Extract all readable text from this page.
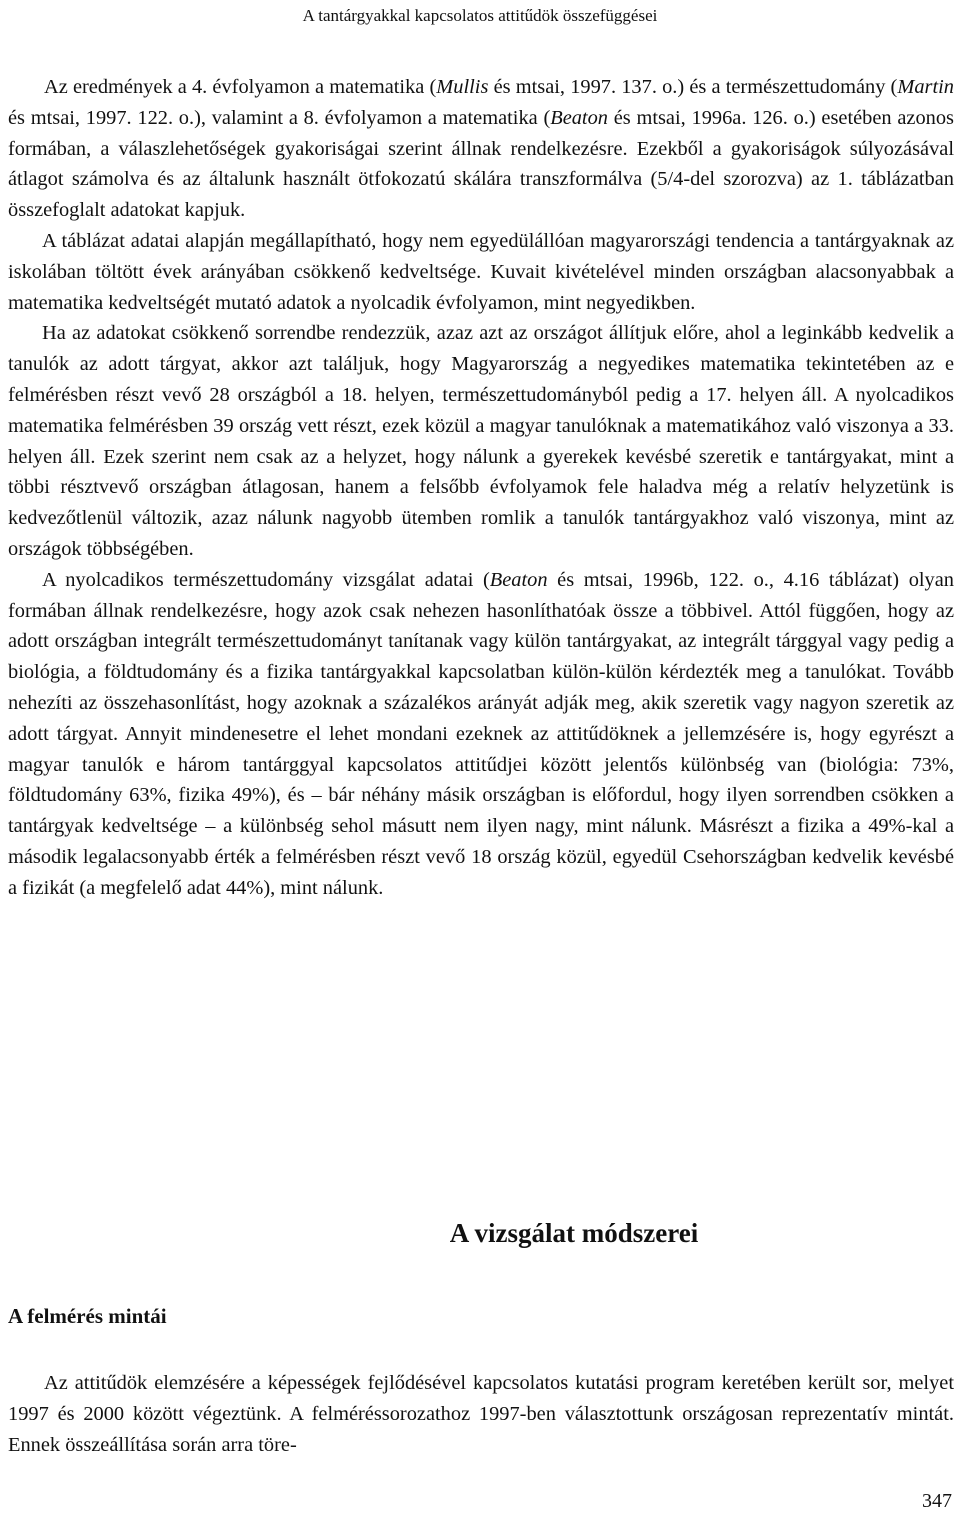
A tantárgyakkal kapcsolatos attitűdök összefüggései

Az eredmények a 4. évfolyamon a matematika (Mullis és mtsai, 1997. 137. o.) és a természettudomány (Martin és mtsai, 1997. 122. o.), valamint a 8. évfolyamon a matematika (Beaton és mtsai, 1996a. 126. o.) esetében azonos formában, a válaszlehetőségek gyakoriságai szerint állnak rendelkezésre. Ezekből a gyakoriságok súlyozásával átlagot számolva és az általunk használt ötfokozatú skálára transzformálva (5/4-del szorozva) az 1. táblázatban összefoglalt adatokat kapjuk.

A táblázat adatai alapján megállapítható, hogy nem egyedülállóan magyarországi tendencia a tantárgyaknak az iskolában töltött évek arányában csökkenő kedveltsége. Kuvait kivételével minden országban alacsonyabbak a matematika kedveltségét mutató adatok a nyolcadik évfolyamon, mint negyedikben.

Ha az adatokat csökkenő sorrendbe rendezzük, azaz azt az országot állítjuk előre, ahol a leginkább kedvelik a tanulók az adott tárgyat, akkor azt találjuk, hogy Magyarország a negyedikes matematika tekintetében az e felmérésben részt vevő 28 országból a 18. helyen, természettudományból pedig a 17. helyen áll. A nyolcadikos matematika felmérésben 39 ország vett részt, ezek közül a magyar tanulóknak a matematikához való viszonya a 33. helyen áll. Ezek szerint nem csak az a helyzet, hogy nálunk a gyerekek kevésbé szeretik e tantárgyakat, mint a többi résztvevő országban átlagosan, hanem a felsőbb évfolyamok fele haladva még a relatív helyzetünk is kedvezőtlenül változik, azaz nálunk nagyobb ütemben romlik a tanulók tantárgyakhoz való viszonya, mint az országok többségében.

A nyolcadikos természettudomány vizsgálat adatai (Beaton és mtsai, 1996b, 122. o., 4.16 táblázat) olyan formában állnak rendelkezésre, hogy azok csak nehezen hasonlíthatóak össze a többivel. Attól függően, hogy az adott országban integrált természettudományt tanítanak vagy külön tantárgyakat, az integrált tárggyal vagy pedig a biológia, a földtudomány és a fizika tantárgyakkal kapcsolatban külön-külön kérdezték meg a tanulókat. Tovább nehezíti az összehasonlítást, hogy azoknak a százalékos arányát adják meg, akik szeretik vagy nagyon szeretik az adott tárgyat. Annyit mindenesetre el lehet mondani ezeknek az attitűdöknek a jellemzésére is, hogy egyrészt a magyar tanulók e három tantárggyal kapcsolatos attitűdjei között jelentős különbség van (biológia: 73%, földtudomány 63%, fizika 49%), és – bár néhány másik országban is előfordul, hogy ilyen sorrendben csökken a tantárgyak kedveltsége – a különbség sehol másutt nem ilyen nagy, mint nálunk. Másrészt a fizika a 49%-kal a második legalacsonyabb érték a felmérésben részt vevő 18 ország közül, egyedül Csehországban kedvelik kevésbé a fizikát (a megfelelő adat 44%), mint nálunk.

A vizsgálat módszerei
A felmérés mintái

Az attitűdök elemzésére a képességek fejlődésével kapcsolatos kutatási program keretében került sor, melyet 1997 és 2000 között végeztünk. A felméréssorozathoz 1997-ben választottunk országosan reprezentatív mintát. Ennek összeállítása során arra töre-

347
